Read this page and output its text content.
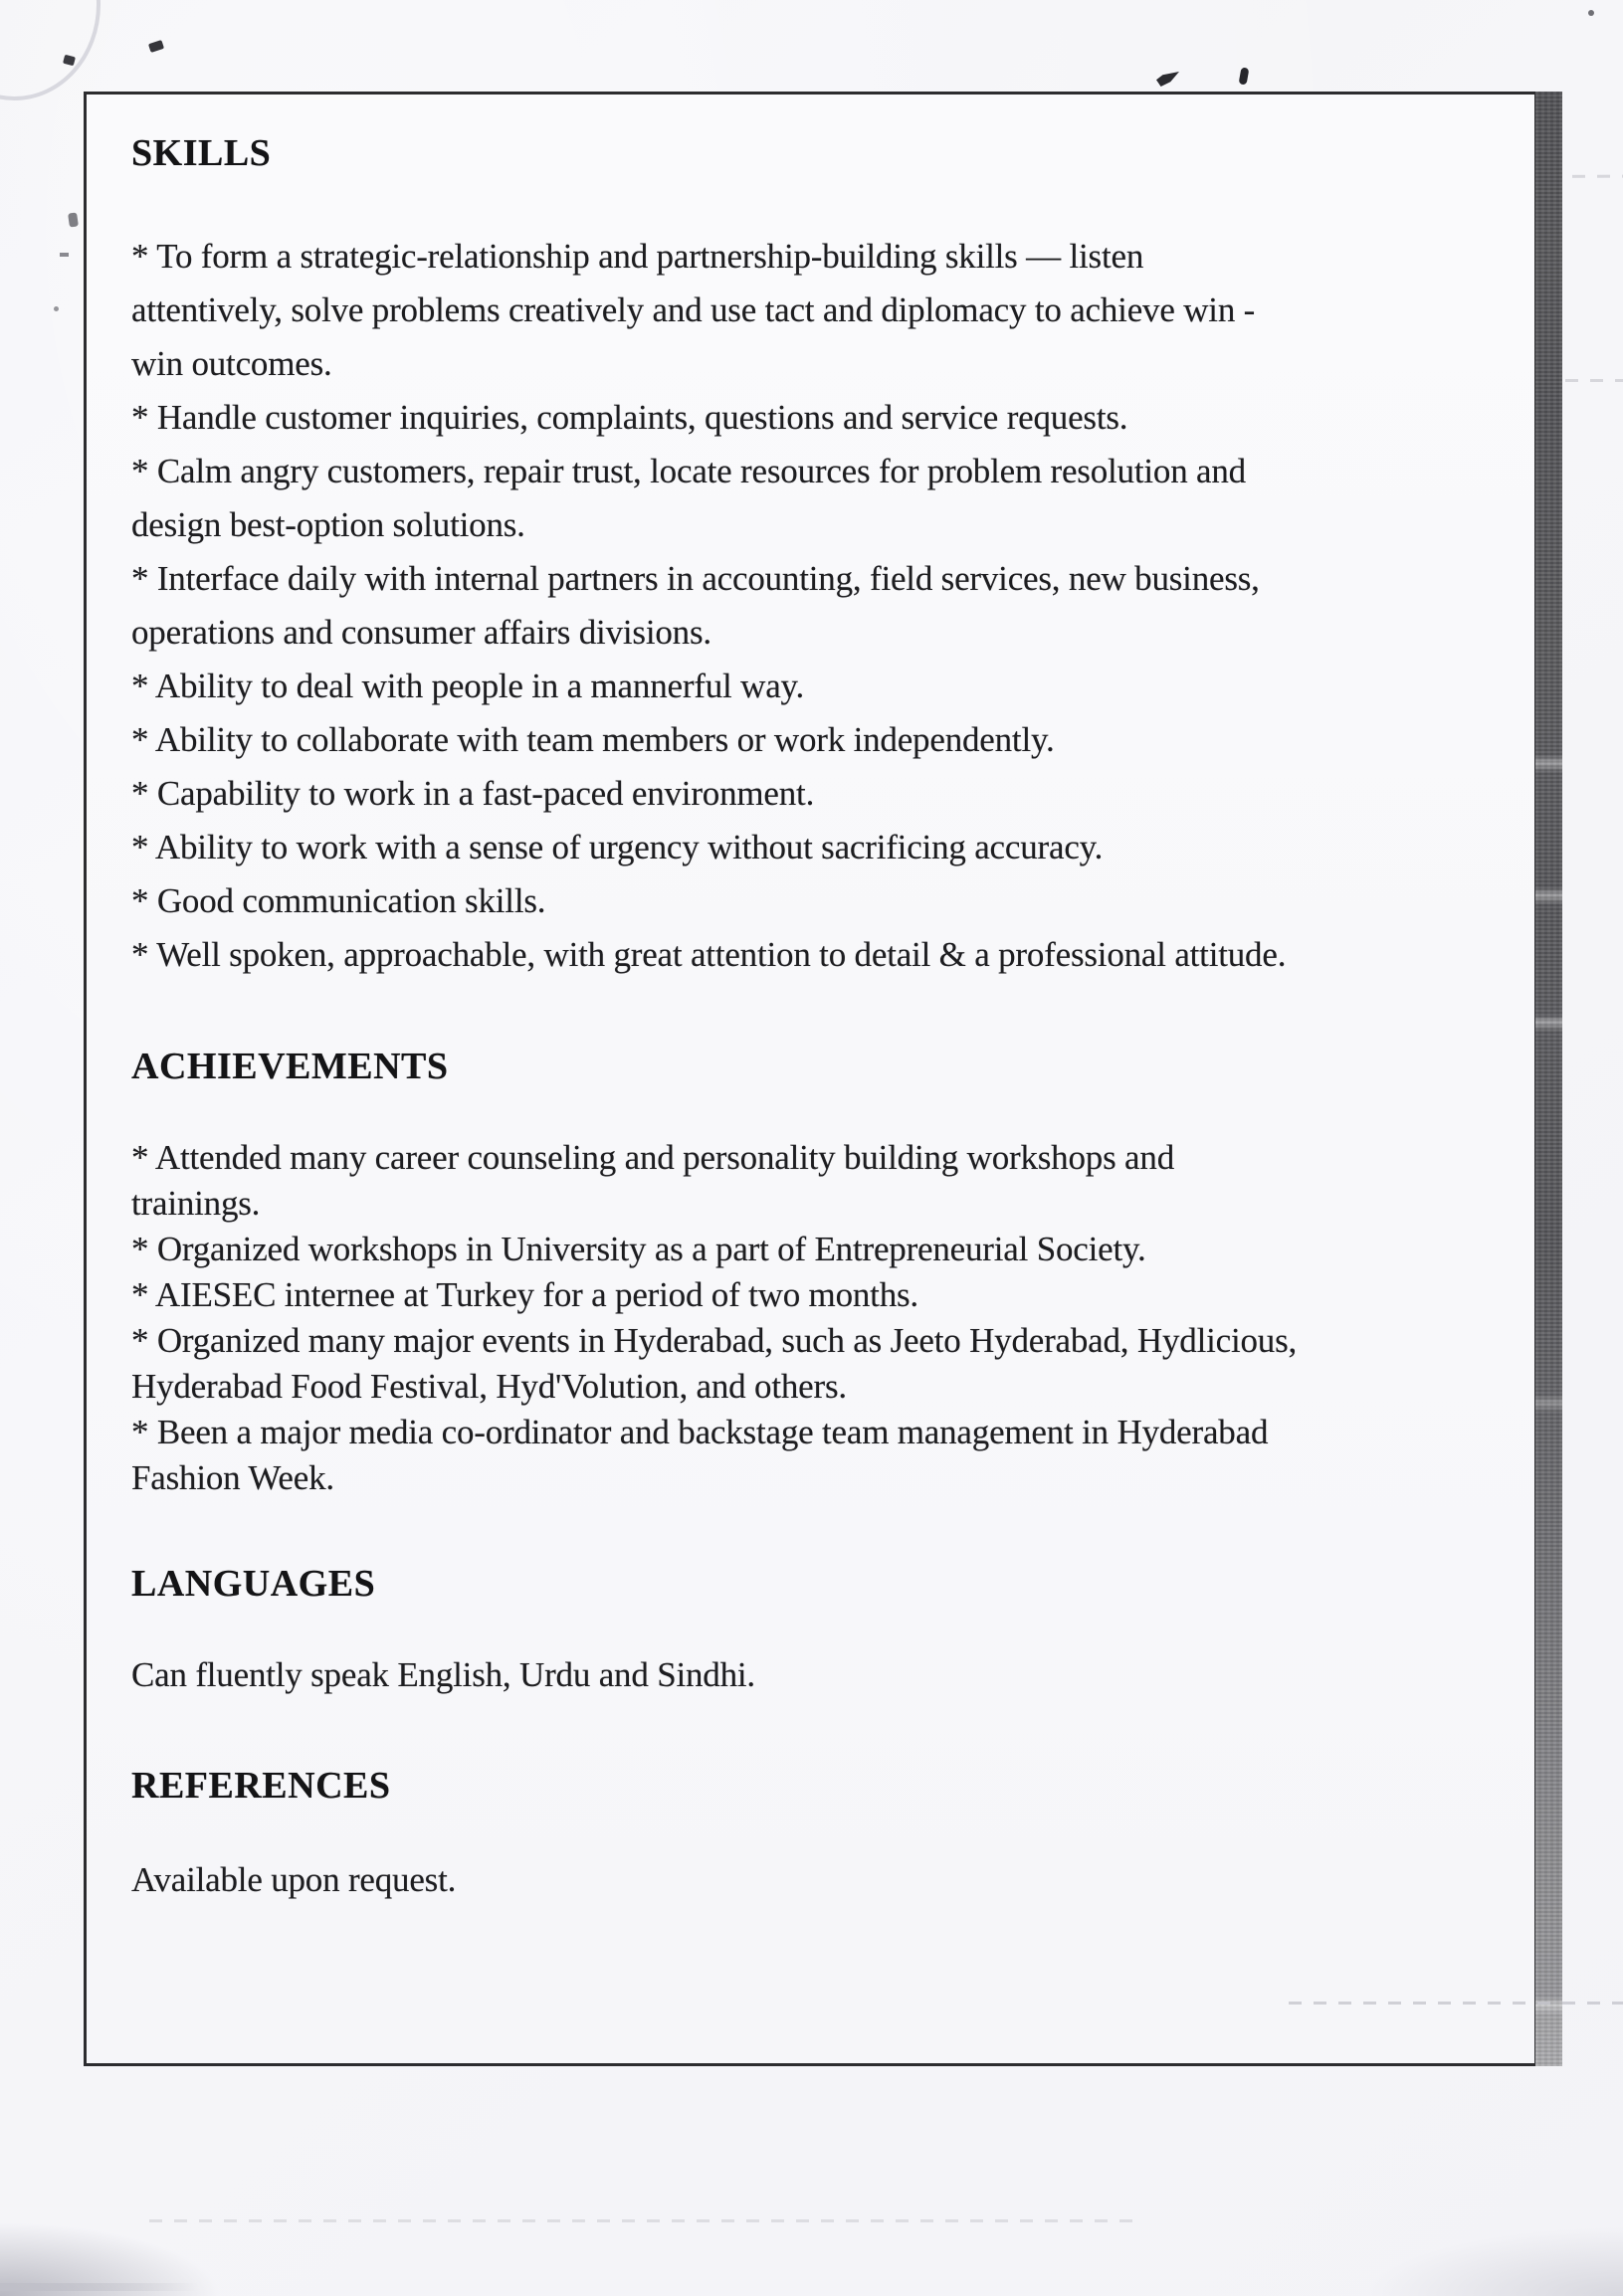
SKILLS
* To form a strategic-relationship and partnership-building skills — listen
attentively, solve problems creatively and use tact and diplomacy to achieve win -
win outcomes.
* Handle customer inquiries, complaints, questions and service requests.
* Calm angry customers, repair trust, locate resources for problem resolution and
design best-option solutions.
* Interface daily with internal partners in accounting, field services, new business,
operations and consumer affairs divisions.
* Ability to deal with people in a mannerful way.
* Ability to collaborate with team members or work independently.
* Capability to work in a fast-paced environment.
* Ability to work with a sense of urgency without sacrificing accuracy.
* Good communication skills.
* Well spoken, approachable, with great attention to detail & a professional attitude.
ACHIEVEMENTS
* Attended many career counseling and personality building workshops and
trainings.
* Organized workshops in University as a part of Entrepreneurial Society.
* AIESEC internee at Turkey for a period of two months.
* Organized many major events in Hyderabad, such as Jeeto Hyderabad, Hydlicious,
Hyderabad Food Festival, Hyd'Volution, and others.
* Been a major media co-ordinator and backstage team management in Hyderabad
Fashion Week.
LANGUAGES
Can fluently speak English, Urdu and Sindhi.
REFERENCES
Available upon request.
